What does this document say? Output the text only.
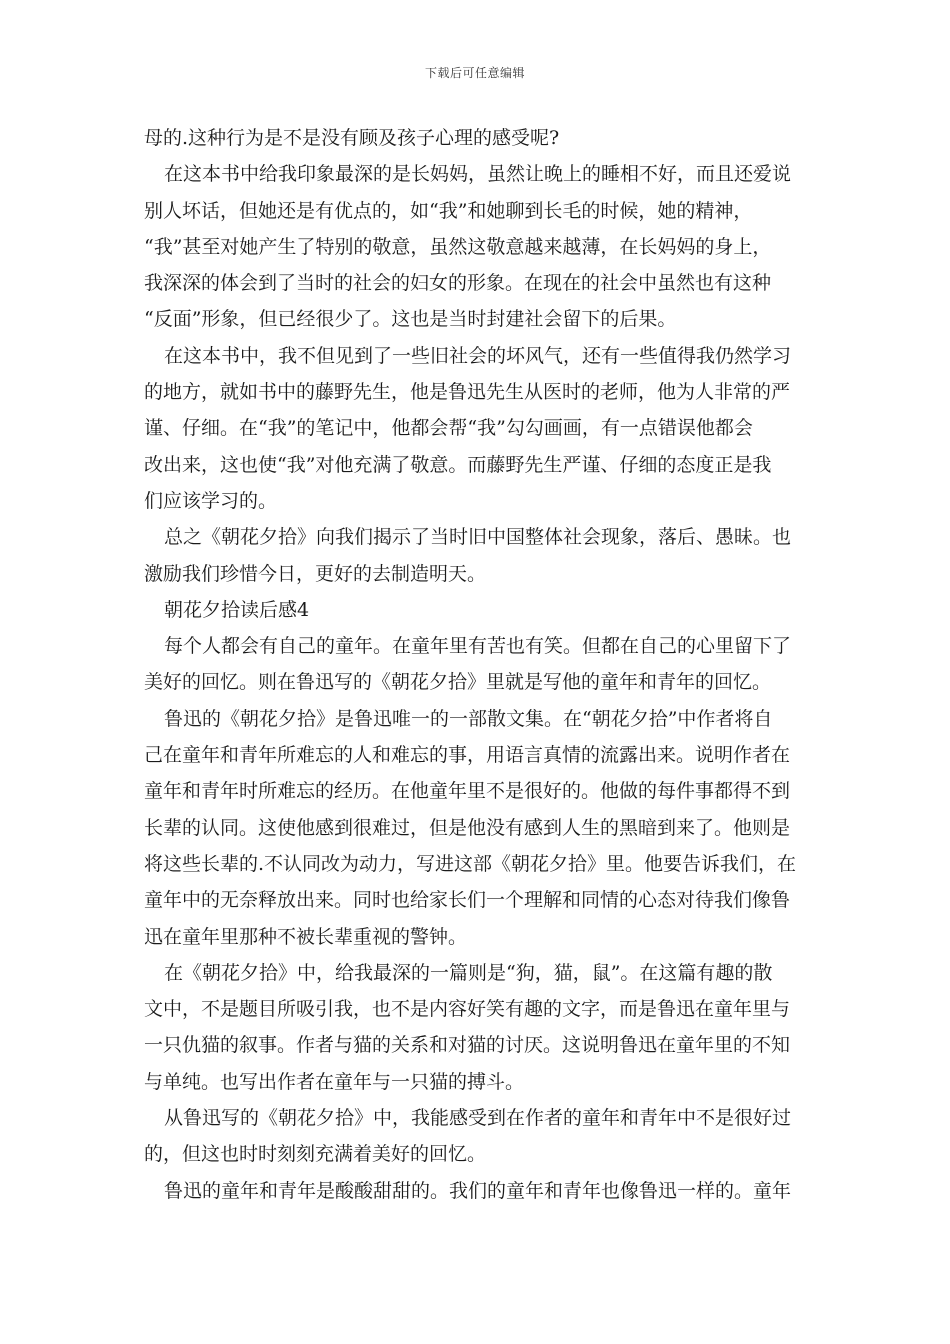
下载后可任意编辑
母的.这种行为是不是没有顾及孩子心理的感受呢?
在这本书中给我印象最深的是长妈妈，虽然让晚上的睡相不好，而且还爱说
别人坏话，但她还是有优点的，如“我”和她聊到长毛的时候，她的精神，
“我”甚至对她产生了特别的敬意，虽然这敬意越来越薄，在长妈妈的身上，
我深深的体会到了当时的社会的妇女的形象。在现在的社会中虽然也有这种
“反面”形象，但已经很少了。这也是当时封建社会留下的后果。
在这本书中，我不但见到了一些旧社会的坏风气，还有一些值得我仍然学习
的地方，就如书中的藤野先生，他是鲁迅先生从医时的老师，他为人非常的严
谨、仔细。在“我”的笔记中，他都会帮“我”勾勾画画，有一点错误他都会
改出来，这也使“我”对他充满了敬意。而藤野先生严谨、仔细的态度正是我
们应该学习的。
总之《朝花夕拾》向我们揭示了当时旧中国整体社会现象，落后、愚昧。也
激励我们珍惜今日，更好的去制造明天。
朝花夕拾读后感4
每个人都会有自己的童年。在童年里有苦也有笑。但都在自己的心里留下了
美好的回忆。则在鲁迅写的《朝花夕拾》里就是写他的童年和青年的回忆。
鲁迅的《朝花夕拾》是鲁迅唯一的一部散文集。在“朝花夕拾”中作者将自
己在童年和青年所难忘的人和难忘的事，用语言真情的流露出来。说明作者在
童年和青年时所难忘的经历。在他童年里不是很好的。他做的每件事都得不到
长辈的认同。这使他感到很难过，但是他没有感到人生的黑暗到来了。他则是
将这些长辈的.不认同改为动力，写进这部《朝花夕拾》里。他要告诉我们，在
童年中的无奈释放出来。同时也给家长们一个理解和同情的心态对待我们像鲁
迅在童年里那种不被长辈重视的警钟。
在《朝花夕拾》中，给我最深的一篇则是“狗，猫，鼠”。在这篇有趣的散
文中，不是题目所吸引我，也不是内容好笑有趣的文字，而是鲁迅在童年里与
一只仇猫的叙事。作者与猫的关系和对猫的讨厌。这说明鲁迅在童年里的不知
与单纯。也写出作者在童年与一只猫的搏斗。
从鲁迅写的《朝花夕拾》中，我能感受到在作者的童年和青年中不是很好过
的，但这也时时刻刻充满着美好的回忆。
鲁迅的童年和青年是酸酸甜甜的。我们的童年和青年也像鲁迅一样的。童年
